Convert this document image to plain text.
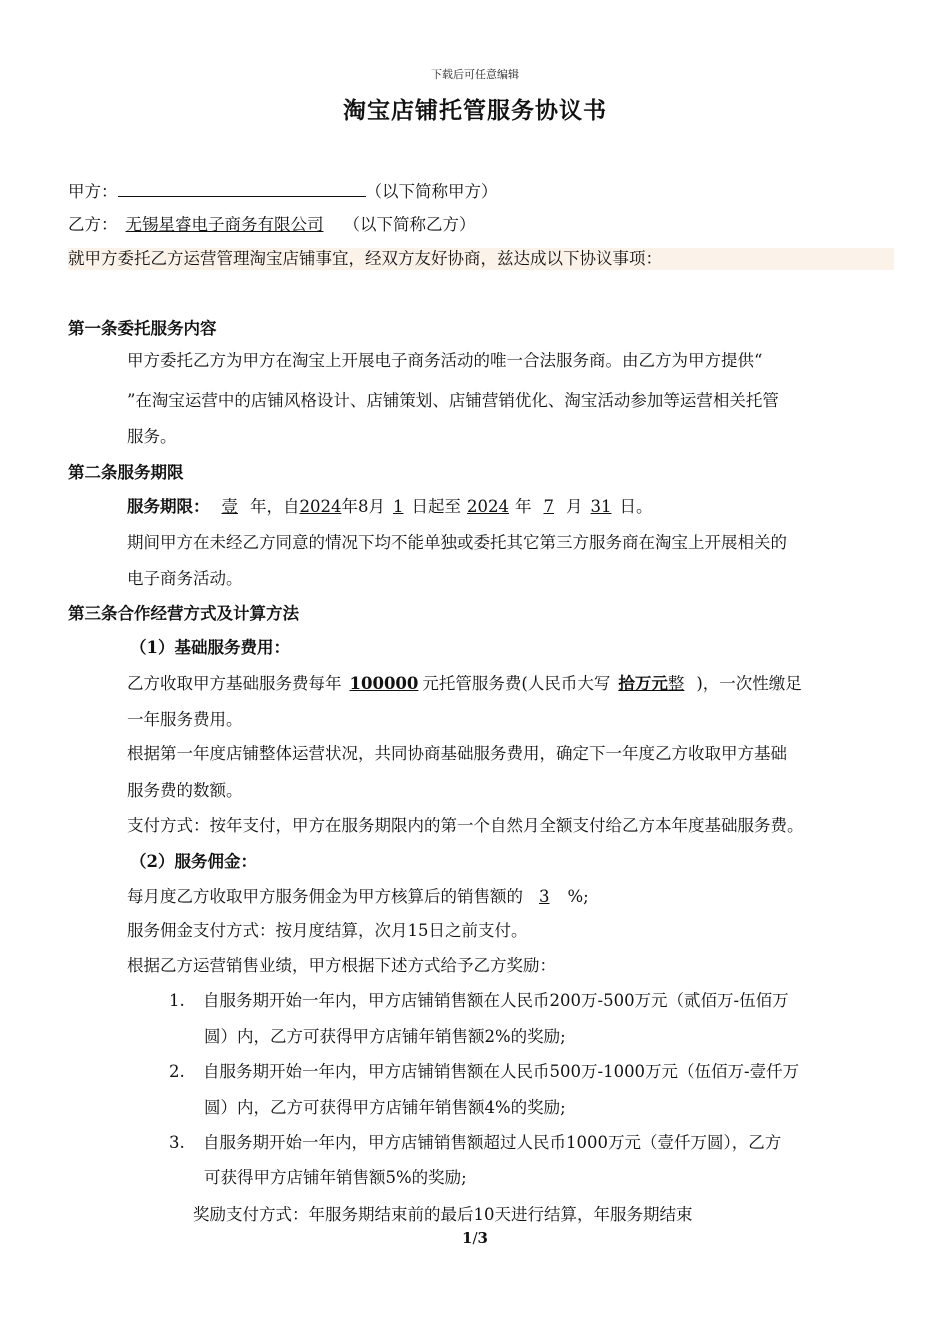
下载后可任意编辑
淘宝店铺托管服务协议书
甲方：	（以下简称甲方）
乙方： 无锡星睿电子商务有限公司 （以下简称乙方）
就甲方委托乙方运营管理淘宝店铺事宜，经双方友好协商，兹达成以下协议事项：
第一条委托服务内容
甲方委托乙方为甲方在淘宝上开展电子商务活动的唯一合法服务商。由乙方为甲方提供“
”在淘宝运营中的店铺风格设计、店铺策划、店铺营销优化、淘宝活动参加等运营相关托管
服务。
第二条服务期限
服务期限： 壹 年，自2024年8月 1 日起至 2024 年 7 月 31 日。
期间甲方在未经乙方同意的情况下均不能单独或委托其它第三方服务商在淘宝上开展相关的
电子商务活动。
第三条合作经营方式及计算方法
（1）基础服务费用：
乙方收取甲方基础服务费每年 100000 元托管服务费(人民币大写 拾万元整 )，一次性缴足
一年服务费用。
根据第一年度店铺整体运营状况，共同协商基础服务费用，确定下一年度乙方收取甲方基础
服务费的数额。
支付方式：按年支付，甲方在服务期限内的第一个自然月全额支付给乙方本年度基础服务费。
（2）服务佣金：
每月度乙方收取甲方服务佣金为甲方核算后的销售额的 3 %;
服务佣金支付方式：按月度结算，次月15日之前支付。
根据乙方运营销售业绩，甲方根据下述方式给予乙方奖励：
1. 自服务期开始一年内，甲方店铺销售额在人民币200万-500万元（贰佰万-伍佰万
圆）内，乙方可获得甲方店铺年销售额2%的奖励;
2. 自服务期开始一年内，甲方店铺销售额在人民币500万-1000万元（伍佰万-壹仟万
圆）内，乙方可获得甲方店铺年销售额4%的奖励;
3. 自服务期开始一年内，甲方店铺销售额超过人民币1000万元（壹仟万圆），乙方
可获得甲方店铺年销售额5%的奖励;
奖励支付方式：年服务期结束前的最后10天进行结算，年服务期结束
1/3
